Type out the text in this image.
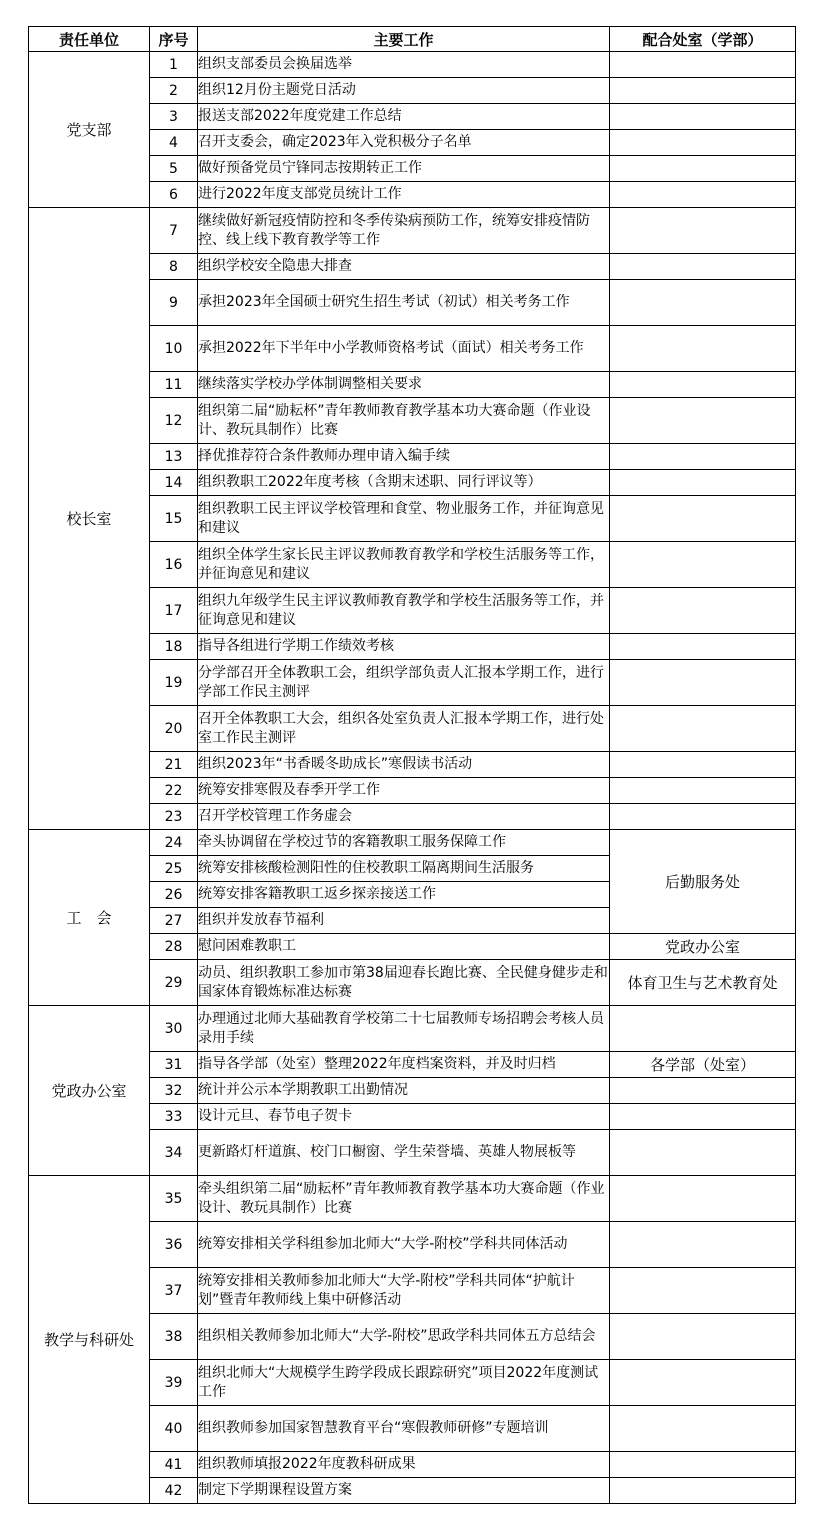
责任单位	序号	主要工作	配合处室（学部）
党支部	1	组织支部委员会换届选举	
	2	组织12月份主题党日活动	
	3	报送支部2022年度党建工作总结	
	4	召开支委会，确定2023年入党积极分子名单	
	5	做好预备党员宁锋同志按期转正工作	
	6	进行2022年度支部党员统计工作	
校长室	7	继续做好新冠疫情防控和冬季传染病预防工作，统筹安排疫情防控、线上线下教育教学等工作	
	8	组织学校安全隐患大排查	
	9	承担2023年全国硕士研究生招生考试（初试）相关考务工作	
	10	承担2022年下半年中小学教师资格考试（面试）相关考务工作	
	11	继续落实学校办学体制调整相关要求	
	12	组织第二届“励耘杯”青年教师教育教学基本功大赛命题（作业设计、教玩具制作）比赛	
	13	择优推荐符合条件教师办理申请入编手续	
	14	组织教职工2022年度考核（含期末述职、同行评议等）	
	15	组织教职工民主评议学校管理和食堂、物业服务工作，并征询意见和建议	
	16	组织全体学生家长民主评议教师教育教学和学校生活服务等工作，并征询意见和建议	
	17	组织九年级学生民主评议教师教育教学和学校生活服务等工作，并征询意见和建议	
	18	指导各组进行学期工作绩效考核	
	19	分学部召开全体教职工会，组织学部负责人汇报本学期工作，进行学部工作民主测评	
	20	召开全体教职工大会，组织各处室负责人汇报本学期工作，进行处室工作民主测评	
	21	组织2023年“书香暖冬助成长”寒假读书活动	
	22	统筹安排寒假及春季开学工作	
	23	召开学校管理工作务虚会	
工　会	24	牵头协调留在学校过节的客籍教职工服务保障工作	后勤服务处
	25	统筹安排核酸检测阳性的住校教职工隔离期间生活服务	
	26	统筹安排客籍教职工返乡探亲接送工作	
	27	组织并发放春节福利	
	28	慰问困难教职工	党政办公室
	29	动员、组织教职工参加市第38届迎春长跑比赛、全民健身健步走和国家体育锻炼标准达标赛	体育卫生与艺术教育处
党政办公室	30	办理通过北师大基础教育学校第二十七届教师专场招聘会考核人员录用手续	
	31	指导各学部（处室）整理2022年度档案资料，并及时归档	各学部（处室）
	32	统计并公示本学期教职工出勤情况	
	33	设计元旦、春节电子贺卡	
	34	更新路灯杆道旗、校门口橱窗、学生荣誉墙、英雄人物展板等	
教学与科研处	35	牵头组织第二届“励耘杯”青年教师教育教学基本功大赛命题（作业设计、教玩具制作）比赛	
	36	统筹安排相关学科组参加北师大“大学-附校”学科共同体活动	
	37	统筹安排相关教师参加北师大“大学-附校”学科共同体“护航计划”暨青年教师线上集中研修活动	
	38	组织相关教师参加北师大“大学-附校”思政学科共同体五方总结会	
	39	组织北师大“大规模学生跨学段成长跟踪研究”项目2022年度测试工作	
	40	组织教师参加国家智慧教育平台“寒假教师研修”专题培训	
	41	组织教师填报2022年度教科研成果	
	42	制定下学期课程设置方案	
